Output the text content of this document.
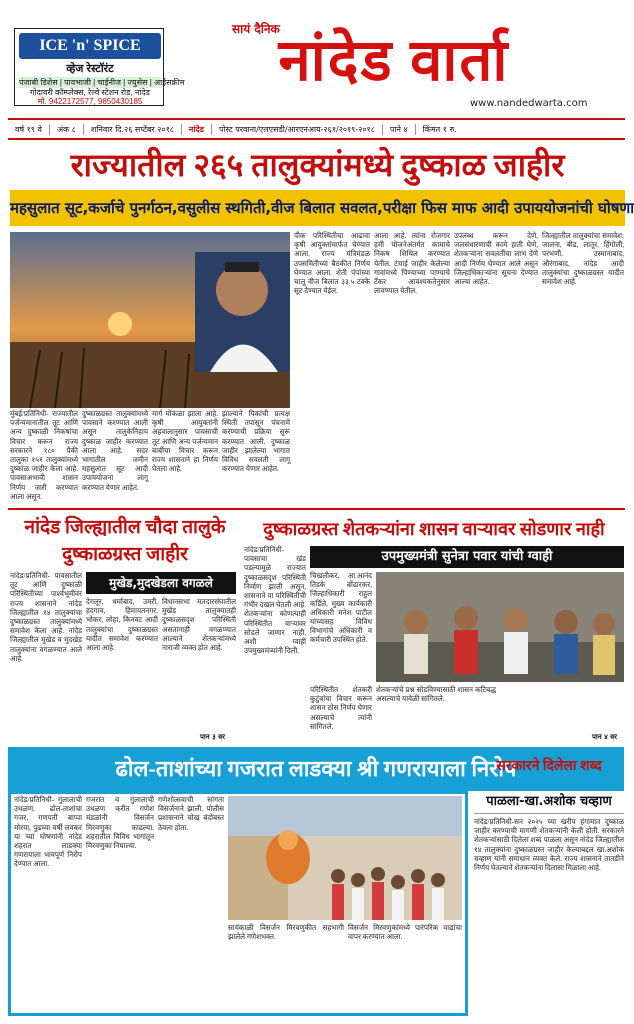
ICE 'n' SPICE
व्हेज रेस्टॉरंट
पंजाबी डिशेस | पावभाजी | चाईनीज | ज्युसेस | आईसक्रीम
गोदावरी कॉम्प्लेक्स, रेल्वे स्टेशन रोड, नांदेड
मो. 9422172577, 9850430185
सायं दैनिक
नांदेड वार्ता
www.nandedwarta.com
वर्ष १९ वे	अंक ८	शनिवार दि.२६ सप्टेंबर २०१८	नांदेड	पोस्ट परवाना/एलएसडी/आरएनआय-२६१/२०१९-२०१८	पाने ४	किंमत १ रु.
राज्यातील २६५ तालुक्यांमध्ये दुष्काळ जाहीर
महसुलात सूट,कर्जाचे पुनर्गठन,वसुलीस स्थगिती,वीज बिलात सवलत,परीक्षा फिस माफ आदी उपाययोजनांची घोषणा
मुंबई/प्रतिनिधी- राज्यातील पर्जन्यमानातील तूट आणि अन्य दुष्काळी निकषांचा विचार करून राज्य सरकारने १८० पैकी तालुका १५१ तालुक्यांमध्ये दुष्काळ जाहीर केला आहे. पावसाअभावी शासन निर्णय जारी करण्यात आला असून.
दुष्काळग्रस्त तालुक्यांमध्ये पावसाने करण्यात आली असून तालुकेनिहाय दुष्काळ जाहीर करण्यात आला आहे. सदर भागातील जमीन महसुलात सूट आदी उपाययोजना लागू करण्यात येणार आहेत.
मार्ग मोकळा झाला आहे. कृषी आयुक्तांनी अहवालानुसार पावसाची तूट आणि अन्य पर्जन्यमान बाबींचा विचार करून राज्य शासनाने हा निर्णय घेतला आहे.
झाल्याने पिकांची प्रत्यक्ष स्थिती तपासून पंचनामे करण्याची प्रक्रिया सुरू करण्यात आली. दुष्काळ जाहीर झालेल्या भागात विविध सवलती लागू करण्यात येणार आहेत.
पीक परिस्थितीचा आढावा कृषी आयुक्तांमार्फत घेण्यात आला. राज्य मंत्रिमंडळ उपसमितीच्या बैठकीत निर्णय घेण्यात आला. शेती पंपांच्या चालू वीज बिलात ३३.५ टक्के सूट देण्यात येईल.
आला आहे. त्यांना रोजगार हमी योजनेअंतर्गत कामाचे निकष शिथिल करण्यात येतील. टंचाई जाहीर केलेल्या गावांमध्ये पिण्याच्या पाण्याचे टँकर आवश्यकतेनुसार लावण्यात येतील.
उपलब्ध करून देणे, जलसंधारणाची कामे हाती घेणे, शेतकऱ्यांना सवलतींचा लाभ देणे आदी निर्णय घेण्यात आले असून जिल्हाधिकाऱ्यांना सूचना देण्यात आल्या आहेत.
जिल्ह्यातील तालुक्यांचा समावेश: जालना, बीड, लातूर, हिंगोली, परभणी, उस्मानाबाद, औरंगाबाद, नांदेड आदी तालुक्यांचा दुष्काळग्रस्त यादीत समावेश आहे.
नांदेड जिल्ह्यातील चौदा तालुके दुष्काळग्रस्त जाहीर
नांदेड/प्रतिनिधी- पावसातील तूट आणि दुष्काळी परिस्थितीच्या पार्श्वभूमीवर राज्य शासनाने नांदेड जिल्ह्यातील १४ तालुक्यांचा दुष्काळग्रस्त तालुक्यांमध्ये समावेश केला आहे. नांदेड जिल्ह्यातील मुखेड व मुदखेड तालुक्यांना वगळण्यात आले आहे.
मुखेड,मुदखेडला वगळले
देगलूर, धर्माबाद, उमरी, हदगाव, हिमायतनगर, भोकर, लोहा, किनवट आदी तालुक्यांचा दुष्काळग्रस्त यादीत समावेश करण्यात आला आहे.
विधानसभा मतदारसंघातील मुखेड तालुक्यातही दुष्काळसदृश परिस्थिती असतानाही वगळण्यात आल्याने शेतकऱ्यांमध्ये नाराजी व्यक्त होत आहे.
पान ३ वर
दुष्काळग्रस्त शेतकऱ्यांना शासन वाऱ्यावर सोडणार नाही
उपमुख्यमंत्री सुनेत्रा पवार यांची ग्वाही
नांदेड/प्रतिनिधी- पावसाचा खंड पडल्यामुळे राज्यात दुष्काळसदृश परिस्थिती निर्माण झाली असून, शासनाने या परिस्थितीची गंभीर दखल घेतली आहे. शेतकऱ्यांना कोणत्याही परिस्थितीत वाऱ्यावर सोडले जाणार नाही, अशी ग्वाही उपमुख्यमंत्र्यांनी दिली.
चिखलीकर, आ.आनंद तिडके बोंढारकर, जिल्हाधिकारी राहुल कर्डिले, मुख्य कार्यकारी अधिकारी मनेश पाटील यांच्यासह विविध विभागांचे अधिकारी व कर्मचारी उपस्थित होते.
परिस्थितीत शेतकरी कुटुंबांचा विचार करून शासन ठोस निर्णय घेणार असल्याचे त्यांनी सांगितले.
शेतकऱ्यांचे प्रश्न सोडविण्यासाठी शासन कटिबद्ध असल्याचे यावेळी सांगितले.
पान ४ वर
ढोल-ताशांच्या गजरात लाडक्या श्री गणरायाला निरोप
नांदेड/प्रतिनिधी- गुलालाची उधळण, ढोल-ताशांचा गजर, गणपती बाप्पा मोरया, पुढच्या वर्षी लवकर या च्या घोषणांनी नांदेड शहरात लाडक्या गणरायाला भावपूर्ण निरोप देण्यात आला.
गजरात व गुलालाची उधळण करीत गणेश मंडळांनी विसर्जन मिरवणुका काढल्या. शहरातील विविध भागांतून मिरवणुका निघाल्या.
गणेशोत्सवाची सांगता विसर्जनाने झाली. पोलीस प्रशासनाने चोख बंदोबस्त ठेवला होता.
सायंकाळी विसर्जन मिरवणुकीत सहभागी झालेले गणेशभक्त.
विसर्जन मिरवणुकांमध्ये पारंपरिक वाद्यांचा वापर करण्यात आला.
सरकारने दिलेला शब्द
पाळला-खा.अशोक चव्हाण
नांदेड/प्रतिनिधी-सन २०२५ च्या खरीप हंगामात दुष्काळ जाहीर करण्याची मागणी शेतकऱ्यांनी केली होती. सरकारने शेतकऱ्यांसाठी दिलेला शब्द पाळला असून नांदेड जिल्ह्यातील १४ तालुक्यांना दुष्काळग्रस्त जाहीर केल्याबद्दल खा.अशोक चव्हाण यांनी समाधान व्यक्त केले. राज्य शासनाने तातडीने निर्णय घेतल्याने शेतकऱ्यांना दिलासा मिळाला आहे.
